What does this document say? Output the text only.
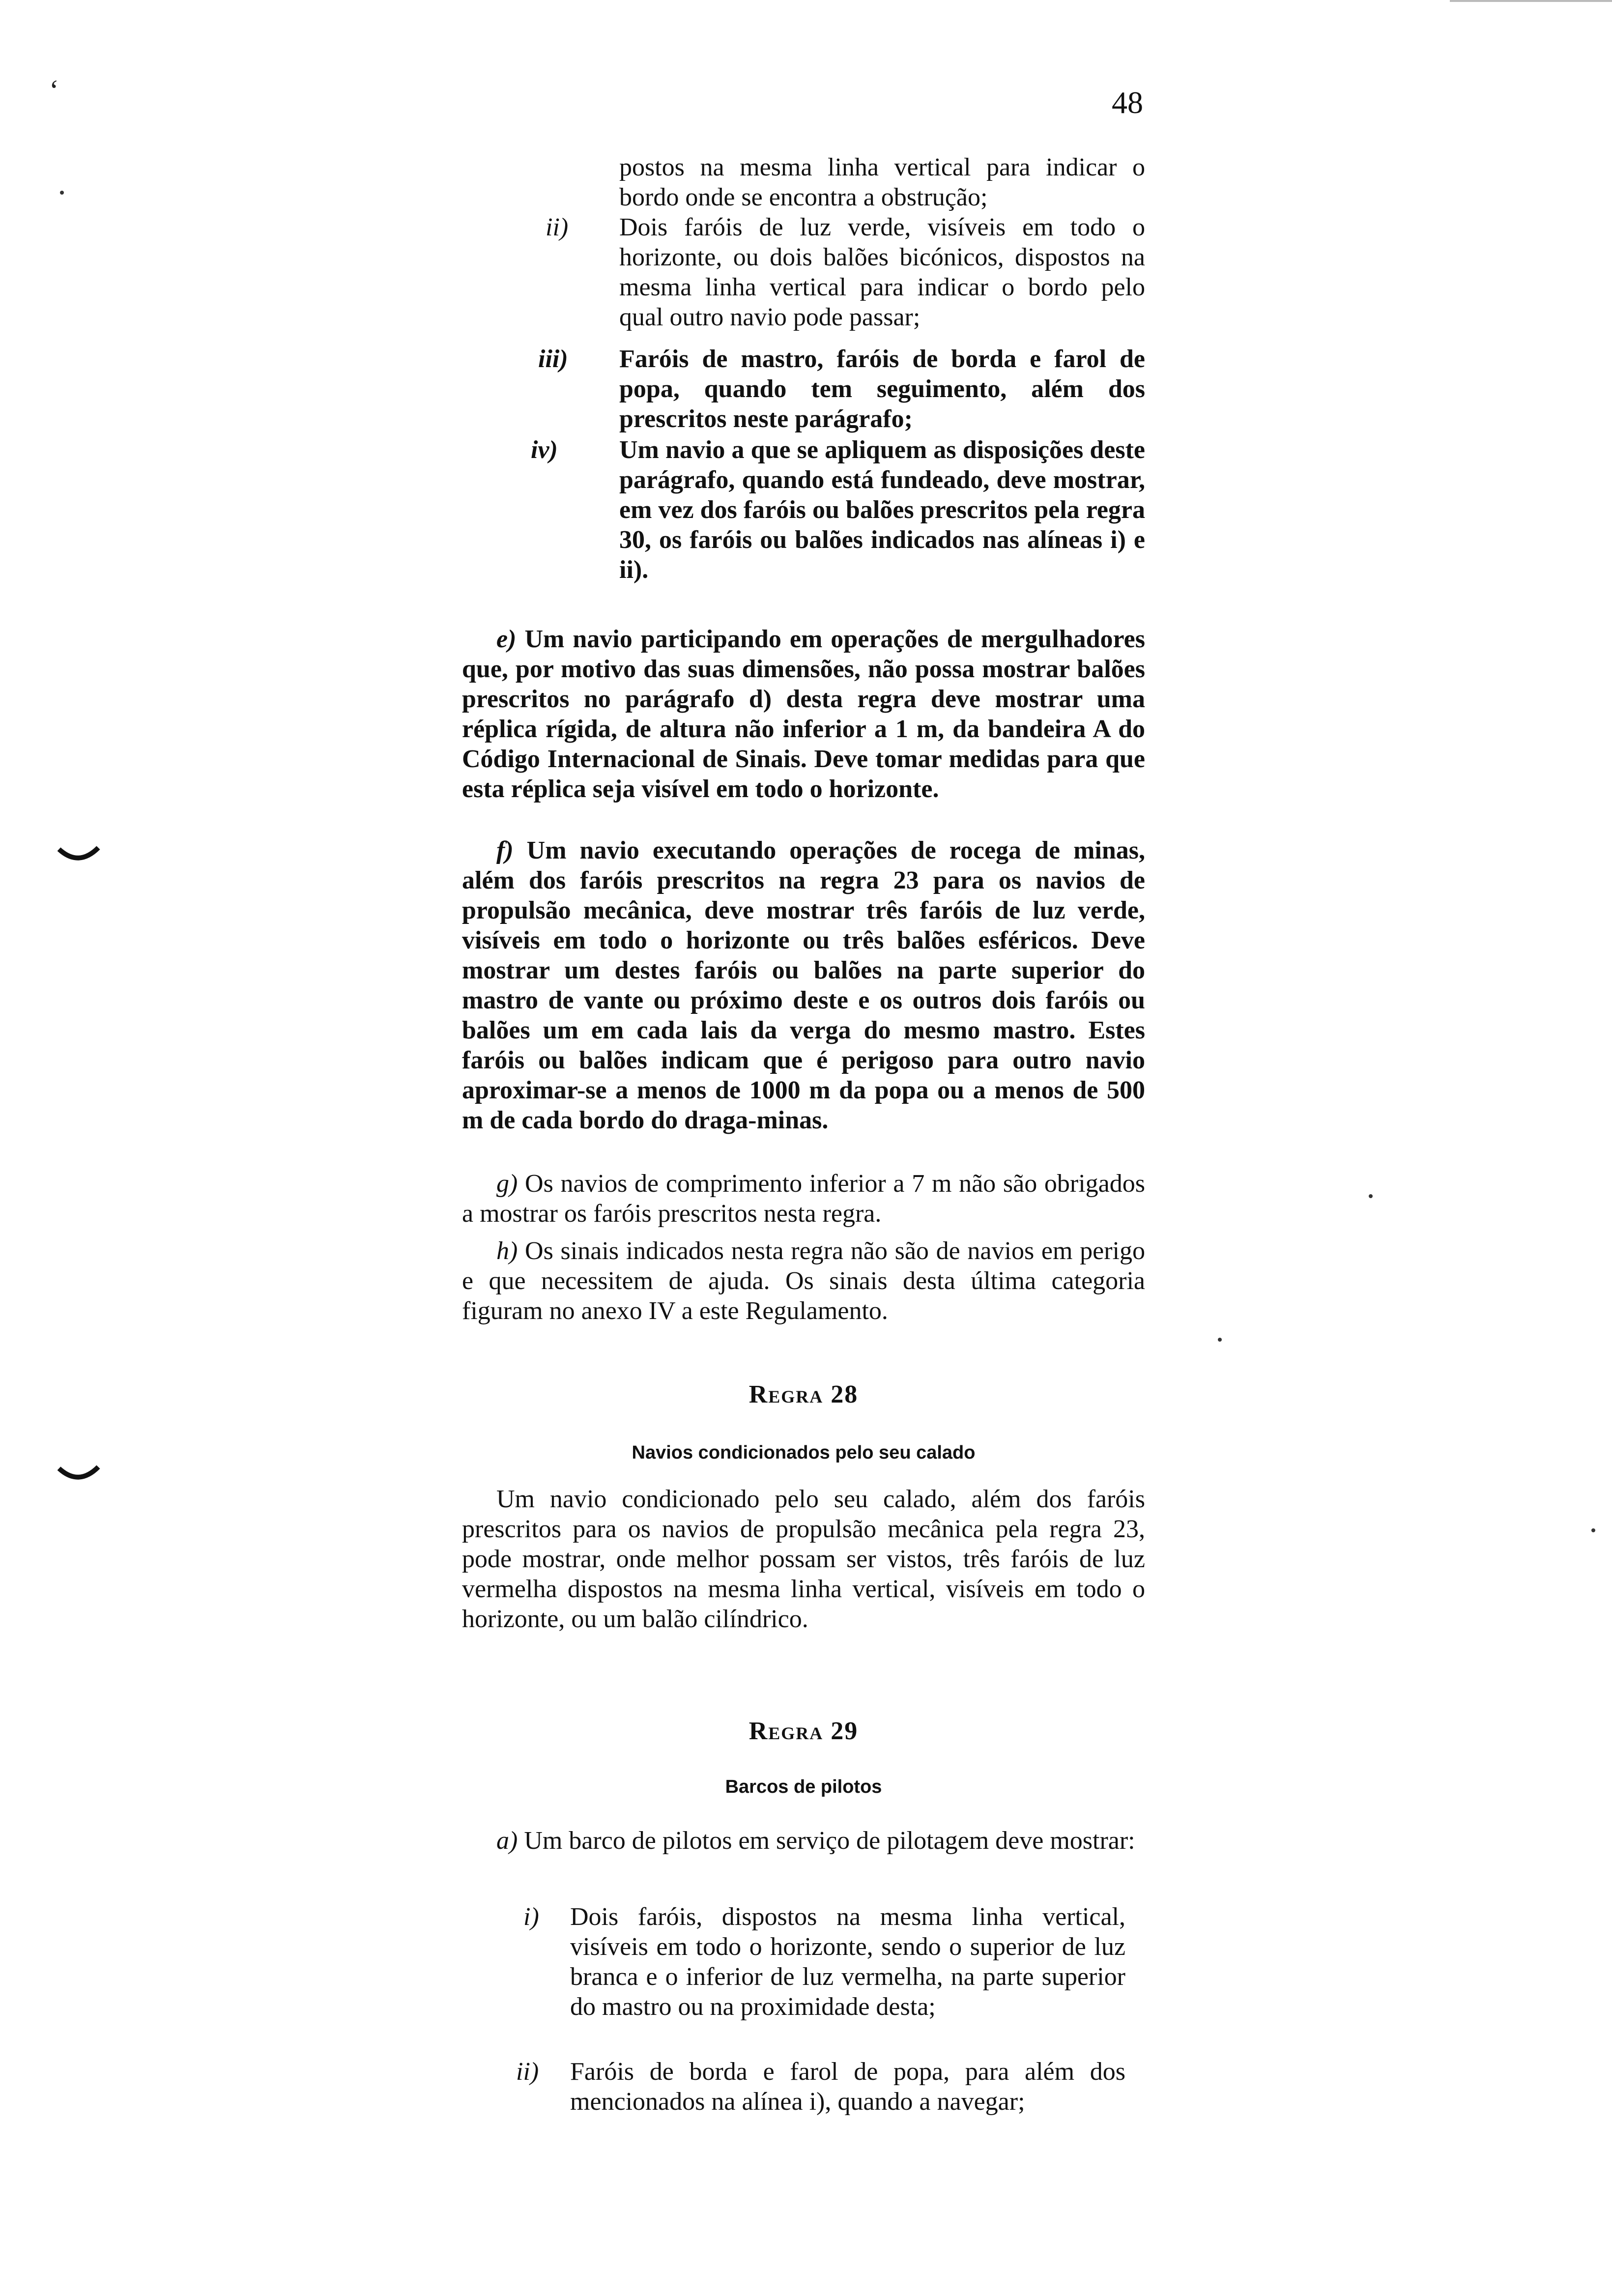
‘	48
postos na mesma linha vertical para indicar o bordo onde se encontra a obstrução;
ii) Dois faróis de luz verde, visíveis em todo o horizonte, ou dois balões bicónicos, dispostos na mesma linha vertical para indicar o bordo pelo qual outro navio pode passar;
iii) Faróis de mastro, faróis de borda e farol de popa, quando tem seguimento, além dos prescritos neste parágrafo;
iv) Um navio a que se apliquem as disposições deste parágrafo, quando está fundeado, deve mostrar, em vez dos faróis ou balões prescritos pela regra 30, os faróis ou balões indicados nas alíneas i) e ii).

e) Um navio participando em operações de mergulhadores que, por motivo das suas dimensões, não possa mostrar balões prescritos no parágrafo d) desta regra deve mostrar uma réplica rígida, de altura não inferior a 1 m, da bandeira A do Código Internacional de Sinais. Deve tomar medidas para que esta réplica seja visível em todo o horizonte.

f) Um navio executando operações de rocega de minas, além dos faróis prescritos na regra 23 para os navios de propulsão mecânica, deve mostrar três faróis de luz verde, visíveis em todo o horizonte ou três balões esféricos. Deve mostrar um destes faróis ou balões na parte superior do mastro de vante ou próximo deste e os outros dois faróis ou balões um em cada lais da verga do mesmo mastro. Estes faróis ou balões indicam que é perigoso para outro navio aproximar-se a menos de 1000 m da popa ou a menos de 500 m de cada bordo do draga-minas.

g) Os navios de comprimento inferior a 7 m não são obrigados a mostrar os faróis prescritos nesta regra.

h) Os sinais indicados nesta regra não são de navios em perigo e que necessitem de ajuda. Os sinais desta última categoria figuram no anexo IV a este Regulamento.

Regra 28
Navios condicionados pelo seu calado

Um navio condicionado pelo seu calado, além dos faróis prescritos para os navios de propulsão mecânica pela regra 23, pode mostrar, onde melhor possam ser vistos, três faróis de luz vermelha dispostos na mesma linha vertical, visíveis em todo o horizonte, ou um balão cilíndrico.

Regra 29
Barcos de pilotos

a) Um barco de pilotos em serviço de pilotagem deve mostrar:

i) Dois faróis, dispostos na mesma linha vertical, visíveis em todo o horizonte, sendo o superior de luz branca e o inferior de luz vermelha, na parte superior do mastro ou na proximidade desta;
ii) Faróis de borda e farol de popa, para além dos mencionados na alínea i), quando a navegar;
